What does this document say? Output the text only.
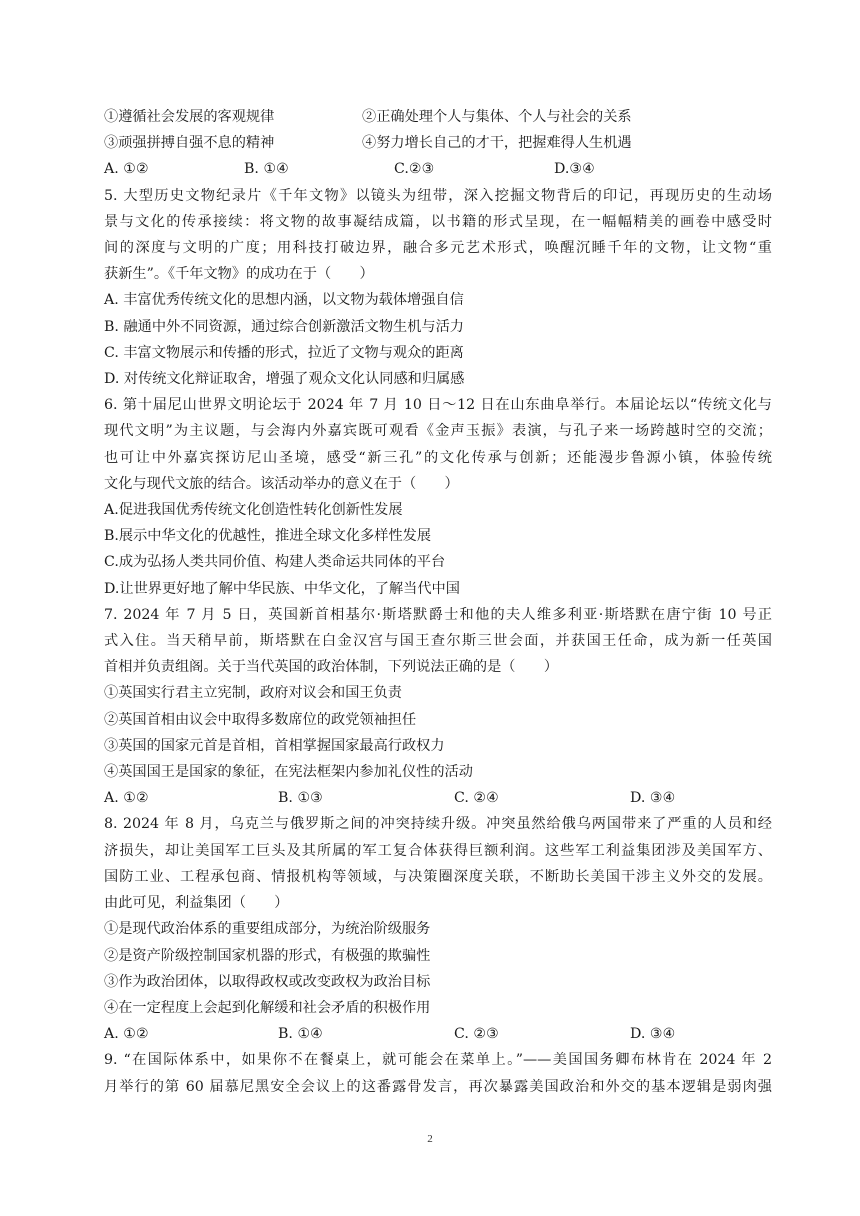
①遵循社会发展的客观规律	②正确处理个人与集体、个人与社会的关系
③顽强拼搏自强不息的精神	④努力增长自己的才干，把握难得人生机遇
A. ①②	B. ①④	C.②③	D.③④
5. 大型历史文物纪录片《千年文物》以镜头为纽带，深入挖掘文物背后的印记，再现历史的生动场
景与文化的传承接续：将文物的故事凝结成篇，以书籍的形式呈现，在一幅幅精美的画卷中感受时
间的深度与文明的广度；用科技打破边界，融合多元艺术形式，唤醒沉睡千年的文物，让文物“重
获新生”。《千年文物》的成功在于（　　）
A. 丰富优秀传统文化的思想内涵，以文物为载体增强自信
B. 融通中外不同资源，通过综合创新激活文物生机与活力
C. 丰富文物展示和传播的形式，拉近了文物与观众的距离
D. 对传统文化辩证取舍，增强了观众文化认同感和归属感
6. 第十届尼山世界文明论坛于 2024 年 7 月 10 日～12 日在山东曲阜举行。本届论坛以“传统文化与
现代文明”为主议题，与会海内外嘉宾既可观看《金声玉振》表演，与孔子来一场跨越时空的交流；
也可让中外嘉宾探访尼山圣境，感受“新三孔”的文化传承与创新；还能漫步鲁源小镇，体验传统
文化与现代文旅的结合。该活动举办的意义在于（　　）
A.促进我国优秀传统文化创造性转化创新性发展
B.展示中华文化的优越性，推进全球文化多样性发展
C.成为弘扬人类共同价值、构建人类命运共同体的平台
D.让世界更好地了解中华民族、中华文化，了解当代中国
7. 2024 年 7 月 5 日，英国新首相基尔·斯塔默爵士和他的夫人维多利亚·斯塔默在唐宁街 10 号正
式入住。当天稍早前，斯塔默在白金汉宫与国王查尔斯三世会面，并获国王任命，成为新一任英国
首相并负责组阁。关于当代英国的政治体制，下列说法正确的是（　　）
①英国实行君主立宪制，政府对议会和国王负责
②英国首相由议会中取得多数席位的政党领袖担任
③英国的国家元首是首相，首相掌握国家最高行政权力
④英国国王是国家的象征，在宪法框架内参加礼仪性的活动
A. ①②	B. ①③	C. ②④	D. ③④
8. 2024 年 8 月，乌克兰与俄罗斯之间的冲突持续升级。冲突虽然给俄乌两国带来了严重的人员和经
济损失，却让美国军工巨头及其所属的军工复合体获得巨额利润。这些军工利益集团涉及美国军方、
国防工业、工程承包商、情报机构等领域，与决策圈深度关联，不断助长美国干涉主义外交的发展。
由此可见，利益集团（　　）
①是现代政治体系的重要组成部分，为统治阶级服务
②是资产阶级控制国家机器的形式，有极强的欺骗性
③作为政治团体，以取得政权或改变政权为政治目标
④在一定程度上会起到化解缓和社会矛盾的积极作用
A. ①②	B. ①④	C. ②③	D. ③④
9. “在国际体系中，如果你不在餐桌上，就可能会在菜单上。”——美国国务卿布林肯在 2024 年 2
月举行的第 60 届慕尼黑安全会议上的这番露骨发言，再次暴露美国政治和外交的基本逻辑是弱肉强
2
